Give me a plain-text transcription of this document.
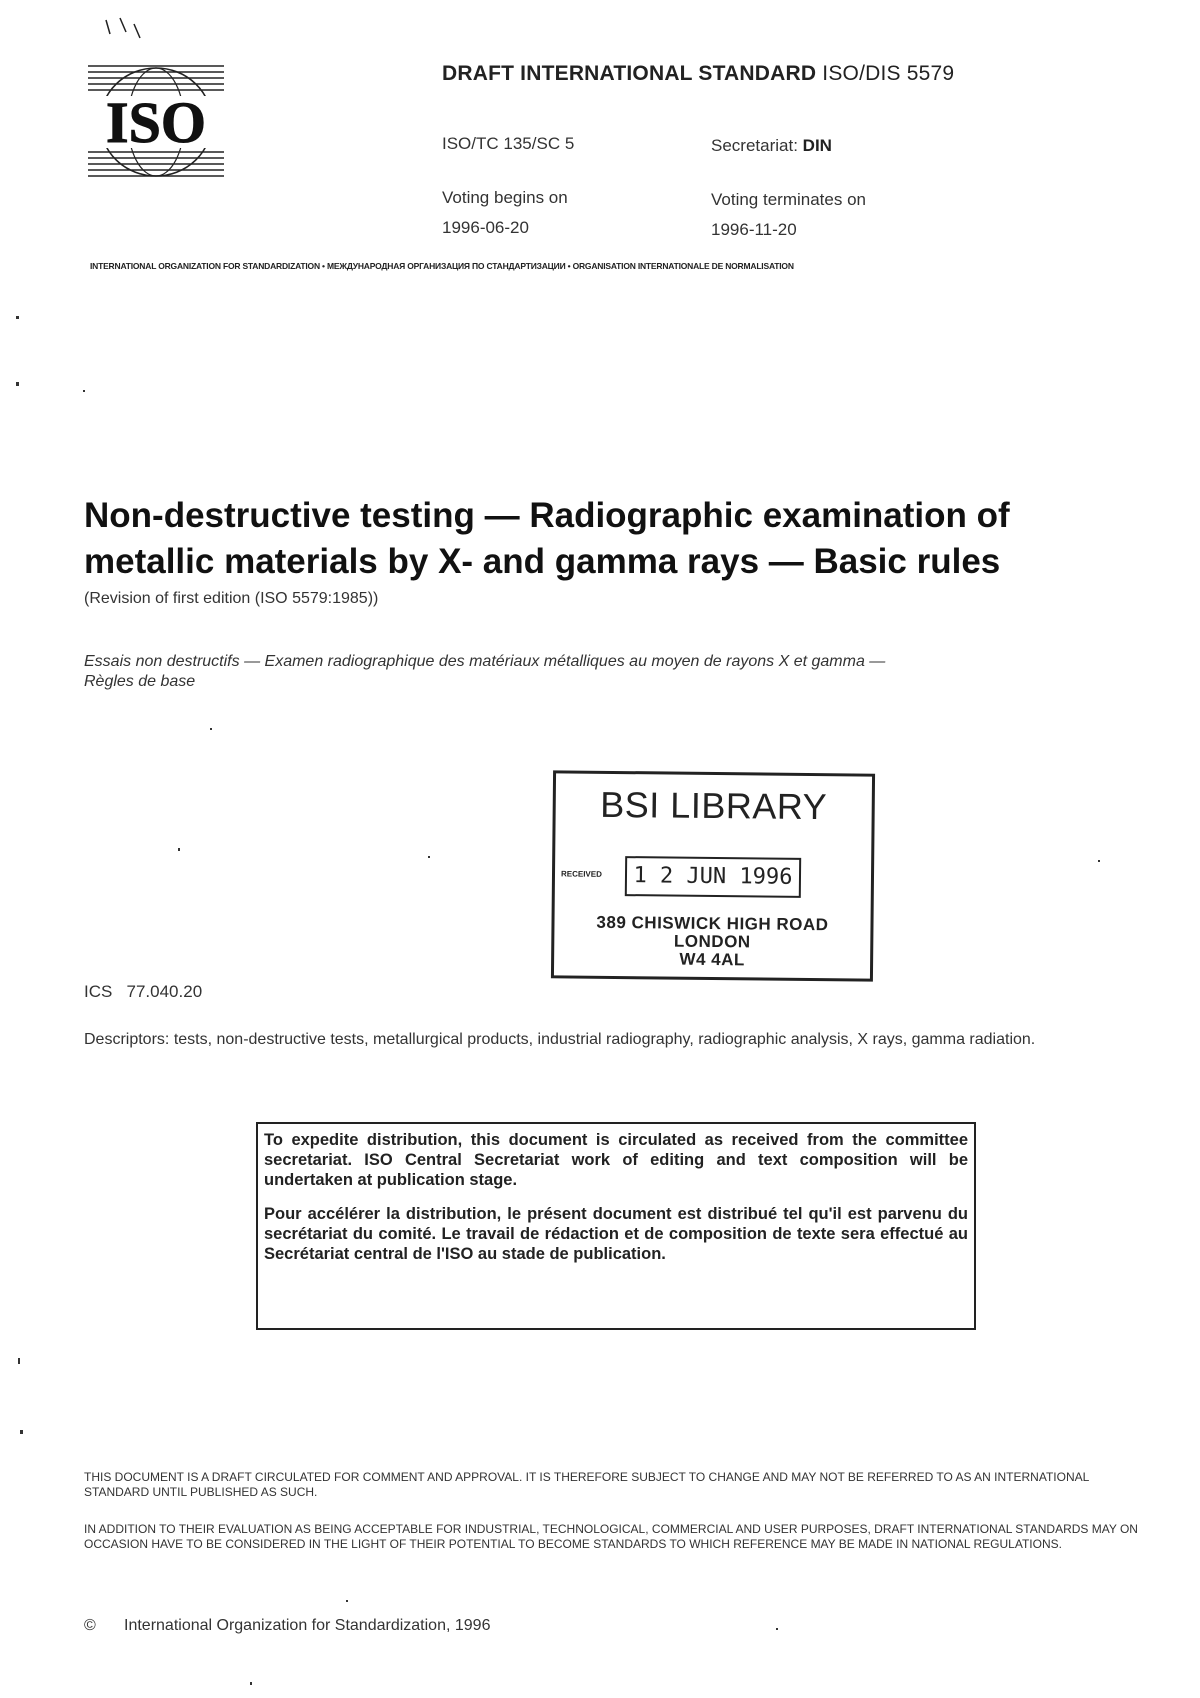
ISO
DRAFT INTERNATIONAL STANDARD ISO/DIS 5579
ISO/TC 135/SC 5	Secretariat: DIN
Voting begins on
1996-06-20
Voting terminates on
1996-11-20
INTERNATIONAL ORGANIZATION FOR STANDARDIZATION • МЕЖДУНАРОДНАЯ ОРГАНИЗАЦИЯ ПО СТАНДАРТИЗАЦИИ • ORGANISATION INTERNATIONALE DE NORMALISATION
Non-destructive testing — Radiographic examination of
metallic materials by X- and gamma rays — Basic rules
(Revision of first edition (ISO 5579:1985))
Essais non destructifs — Examen radiographique des matériaux métalliques au moyen de rayons X et gamma —
Règles de base
BSI LIBRARY
RECEIVED	1 2 JUN 1996
389 CHISWICK HIGH ROAD
LONDON
W4 4AL
ICS 77.040.20
Descriptors: tests, non-destructive tests, metallurgical products, industrial radiography, radiographic analysis, X rays, gamma radiation.

To expedite distribution, this document is circulated as received from the committee secretariat. ISO Central Secretariat work of editing and text composition will be undertaken at publication stage.

Pour accélérer la distribution, le présent document est distribué tel qu'il est parvenu du secrétariat du comité. Le travail de rédaction et de composition de texte sera effectué au Secrétariat central de l'ISO au stade de publication.

THIS DOCUMENT IS A DRAFT CIRCULATED FOR COMMENT AND APPROVAL. IT IS THEREFORE SUBJECT TO CHANGE AND MAY NOT BE REFERRED TO AS AN INTERNATIONAL STANDARD UNTIL PUBLISHED AS SUCH.
IN ADDITION TO THEIR EVALUATION AS BEING ACCEPTABLE FOR INDUSTRIAL, TECHNOLOGICAL, COMMERCIAL AND USER PURPOSES, DRAFT INTERNATIONAL STANDARDS MAY ON OCCASION HAVE TO BE CONSIDERED IN THE LIGHT OF THEIR POTENTIAL TO BECOME STANDARDS TO WHICH REFERENCE MAY BE MADE IN NATIONAL REGULATIONS.
© International Organization for Standardization, 1996
